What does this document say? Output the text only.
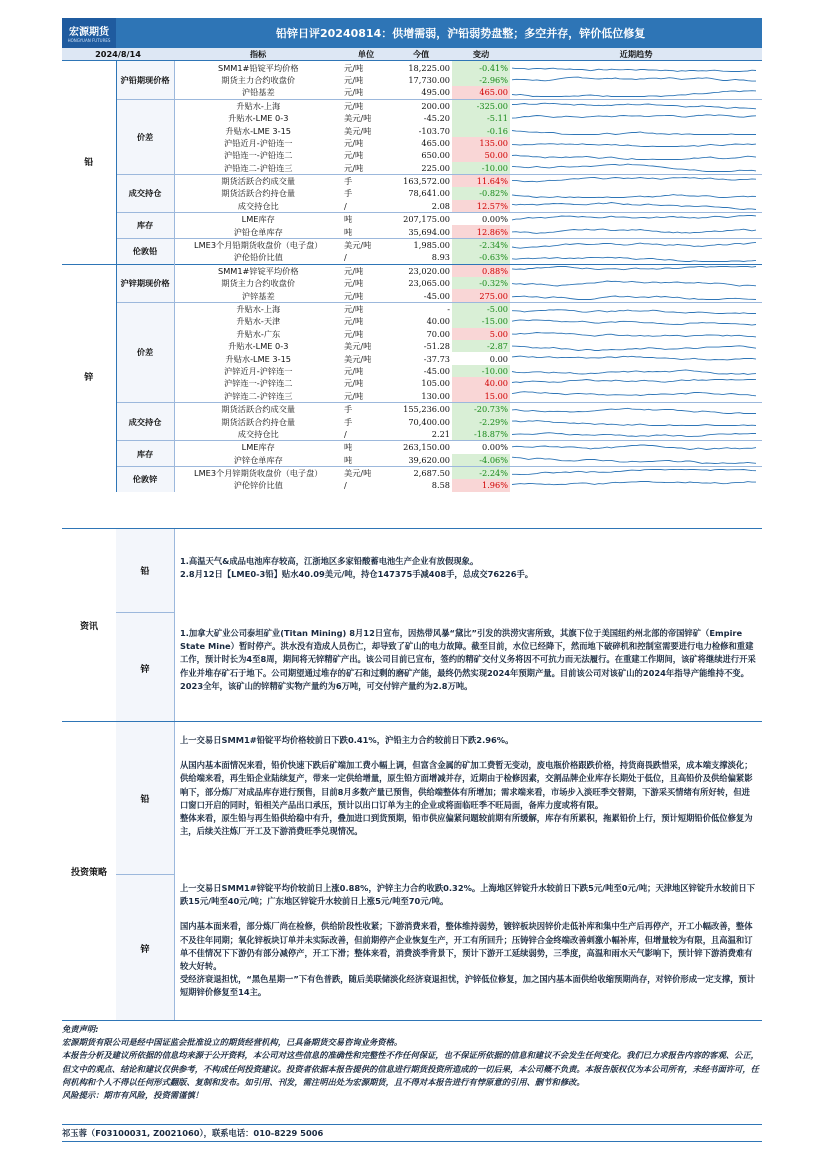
宏源期货
HONGYUAN FUTURES
铅锌日评20240814：供增需弱，沪铅弱势盘整；多空并存，锌价低位修复
2024/8/14		指标	单位	今值	变动	近期趋势
铅	沪铅期现价格	SMM1#铅锭平均价格	元/吨	18,225.00	-0.41%	

		期货主力合约收盘价	元/吨	17,730.00	-2.96%	

		沪铅基差	元/吨	495.00	465.00	

	价差	升贴水-上海	元/吨	200.00	-325.00	

		升贴水-LME 0-3	美元/吨	-45.20	-5.11	

		升贴水-LME 3-15	美元/吨	-103.70	-0.16	

		沪铅近月-沪铅连一	元/吨	465.00	135.00	

		沪铅连一-沪铅连二	元/吨	650.00	50.00	

		沪铅连二-沪铅连三	元/吨	225.00	-10.00	

	成交持仓	期货活跃合约成交量	手	163,572.00	11.64%	

		期货活跃合约持仓量	手	78,641.00	-0.82%	

		成交持仓比	/	2.08	12.57%	

	库存	LME库存	吨	207,175.00	0.00%	

		沪铅仓单库存	吨	35,694.00	12.86%	

	伦敦铅	LME3个月铅期货收盘价（电子盘）	美元/吨	1,985.00	-2.34%	

		沪伦铅价比值	/	8.93	-0.63%	

锌	沪锌期现价格	SMM1#锌锭平均价格	元/吨	23,020.00	0.88%	

		期货主力合约收盘价	元/吨	23,065.00	-0.32%	

		沪锌基差	元/吨	-45.00	275.00	

	价差	升贴水-上海	元/吨	-	-5.00	

		升贴水-天津	元/吨	40.00	-15.00	

		升贴水-广东	元/吨	70.00	5.00	

		升贴水-LME 0-3	美元/吨	-51.28	-2.87	

		升贴水-LME 3-15	美元/吨	-37.73	0.00	

		沪锌近月-沪锌连一	元/吨	-45.00	-10.00	

		沪锌连一-沪锌连二	元/吨	105.00	40.00	

		沪锌连二-沪锌连三	元/吨	130.00	15.00	

	成交持仓	期货活跃合约成交量	手	155,236.00	-20.73%	

		期货活跃合约持仓量	手	70,400.00	-2.29%	

		成交持仓比	/	2.21	-18.87%	

	库存	LME库存	吨	263,150.00	0.00%	

		沪锌仓单库存	吨	39,620.00	-4.06%	

	伦敦锌	LME3个月锌期货收盘价（电子盘）	美元/吨	2,687.50	-2.24%	

		沪伦锌价比值	/	8.58	1.96%	
资讯
铅

1.高温天气&成品电池库存较高，江浙地区多家铅酸蓄电池生产企业有放假现象。

2.8月12日【LME0-3铅】贴水40.09美元/吨，持仓147375手减408手，总成交76226手。

锌

1.加拿大矿业公司泰坦矿业(Titan Mining) 8月12日宣布，因热带风暴“黛比”引发的洪涝灾害所致，其旗下位于美国纽约州北部的帝国锌矿（Empire State Mine）暂时停产。洪水没有造成人员伤亡，却导致了矿山的电力故障。截至目前，水位已经降下，然而地下破碎机和控制室需要进行电力检修和重建工作，预计时长为4至8周，期间将无锌精矿产出。该公司目前已宣布，签约的精矿交付义务将因不可抗力而无法履行。在重建工作期间，该矿将继续进行开采作业并堆存矿石于地下。公司期望通过堆存的矿石和过剩的磨矿产能，最终仍然实现2024年预期产量。目前该公司对该矿山的2024年指导产能维持不变。2023全年，该矿山的锌精矿实物产量约为6万吨，可交付锌产量约为2.8万吨。

投资策略
铅

上一交易日SMM1#铅锭平均价格较前日下跌0.41%，沪铅主力合约较前日下跌2.96%。

从国内基本面情况来看，铅价快速下跌后矿端加工费小幅上调，但富含金属的矿加工费暂无变动，废电瓶价格跟跌价格，持货商畏跌惜采，成本端支撑淡化；供给端来看，再生铅企业陆续复产，带来一定供给增量，原生铅方面增减并存，近期由于检修因素，交割品牌企业库存长期处于低位，且高铅价及供给偏紧影响下，部分炼厂对成品库存进行预售，目前8月多数产量已预售，供给端整体有所增加；需求端来看，市场步入淡旺季交替期，下游采买情绪有所好转，但进口窗口开启的同时，铅相关产品出口承压，预计以出口订单为主的企业或将面临旺季不旺局面，备库力度或将有限。

整体来看，原生铅与再生铅供给稳中有升，叠加进口到货预期，铅市供应偏紧问题较前期有所缓解，库存有所累积，拖累铅价上行，预计短期铅价低位修复为主，后续关注炼厂开工及下游消费旺季兑现情况。

锌

上一交易日SMM1#锌锭平均价较前日上涨0.88%，沪锌主力合约收跌0.32%。上海地区锌锭升水较前日下跌5元/吨至0元/吨；天津地区锌锭升水较前日下跌15元/吨至40元/吨；广东地区锌锭升水较前日上涨5元/吨至70元/吨。

国内基本面来看，部分炼厂尚在检修，供给阶段性收紧；下游消费来看，整体维持弱势，镀锌板块因锌价走低补库和集中生产后再停产，开工小幅改善，整体不及往年同期；氧化锌板块订单并未实际改善，但前期停产企业恢复生产，开工有所回升；压铸锌合金终端改善刺激小幅补库，但增量较为有限，且高温和订单不佳情况下下游仍有部分减停产，开工下滑；整体来看，消费淡季背景下，预计下游开工延续弱势，三季度，高温和雨水天气影响下，预计锌下游消费难有较大好转。

受经济衰退担忧，“黑色星期一”下有色普跌，随后美联储淡化经济衰退担忧，沪锌低位修复，加之国内基本面供给收缩预期尚存，对锌价形成一定支撑，预计短期锌价修复至14主。

免责声明:

宏源期货有限公司是经中国证监会批准设立的期货经营机构，已具备期货交易咨询业务资格。

本报告分析及建议所依据的信息均来源于公开资料，本公司对这些信息的准确性和完整性不作任何保证，也不保证所依据的信息和建议不会发生任何变化。我们已力求报告内容的客观、公正，但文中的观点、结论和建议仅供参考，不构成任何投资建议。投资者依据本报告提供的信息进行期货投资所造成的一切后果，本公司概不负责。本报告版权仅为本公司所有，未经书面许可，任何机构和个人不得以任何形式翻版、复制和发布。如引用、刊发，需注明出处为宏源期货，且不得对本报告进行有悖原意的引用、删节和修改。

风险提示：期市有风险，投资需谨慎！

祁玉蓉（F03100031, Z0021060），联系电话：010-8229 5006
